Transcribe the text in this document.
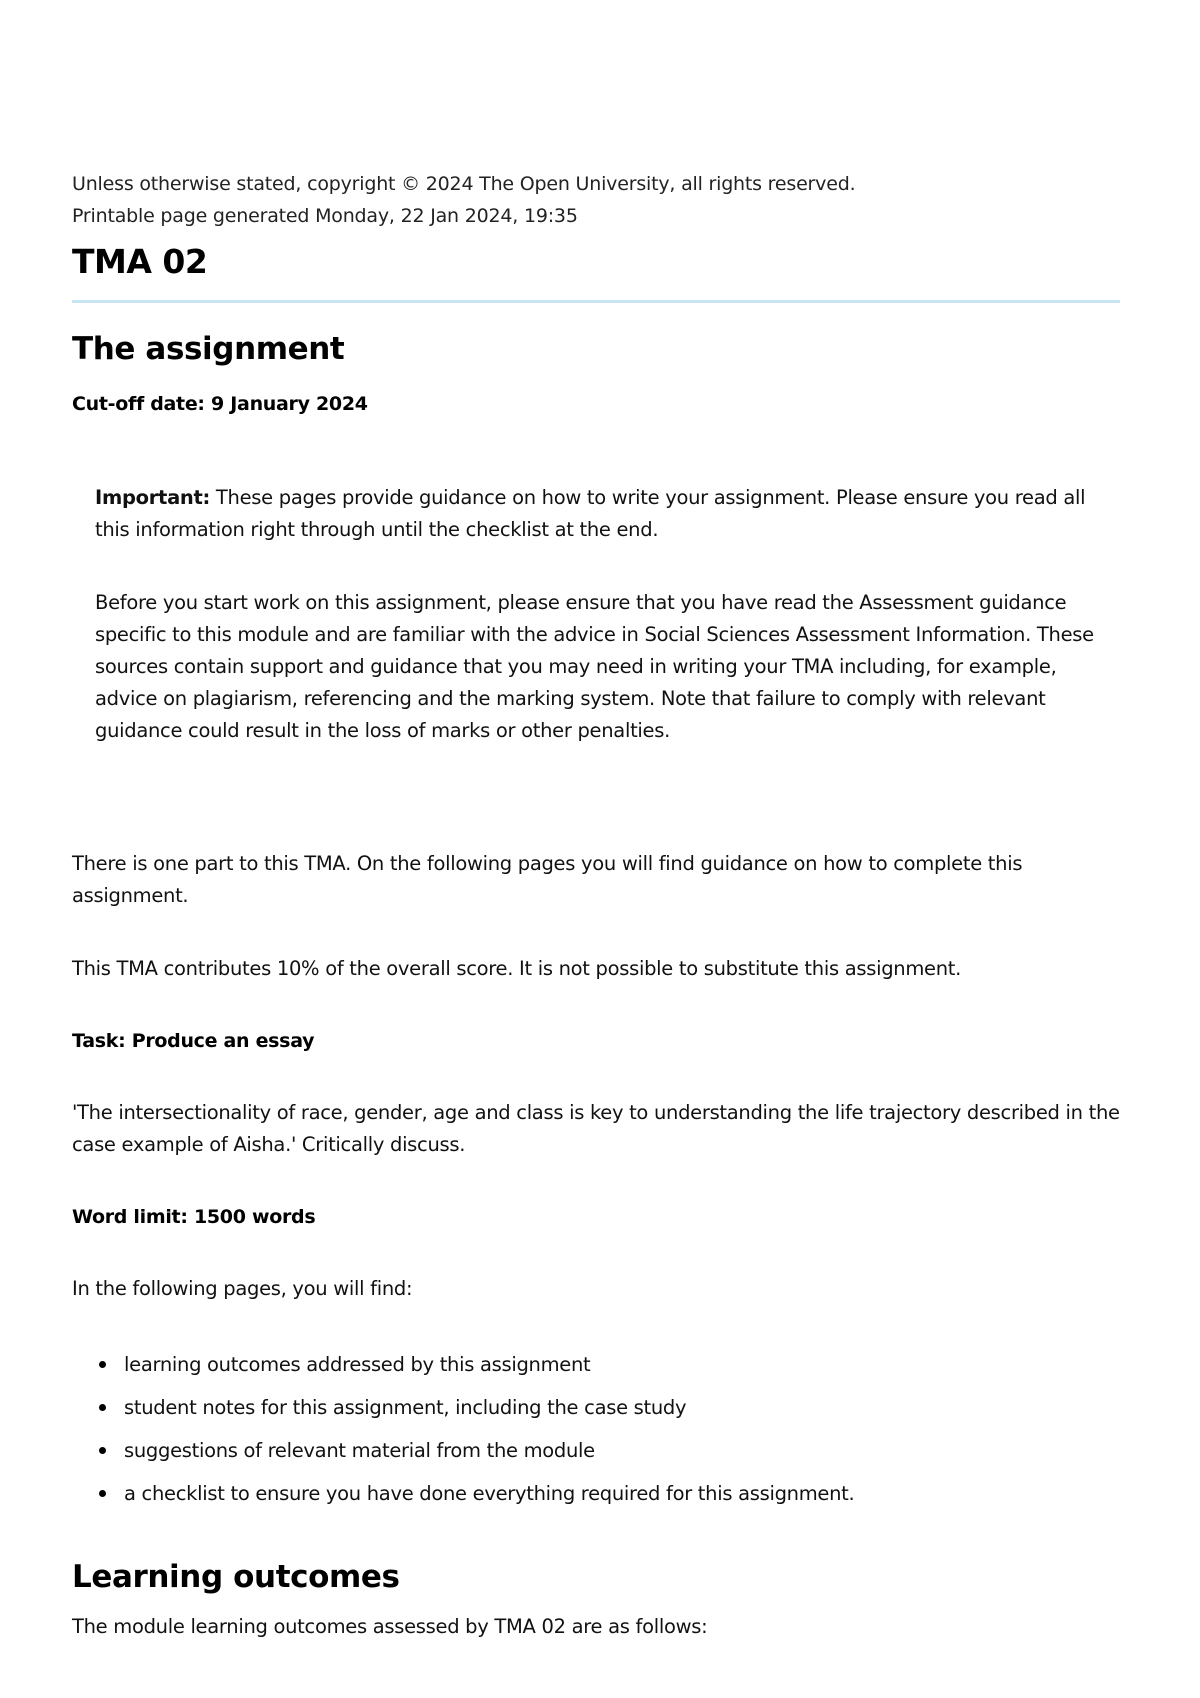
Unless otherwise stated, copyright © 2024 The Open University, all rights reserved.

Printable page generated Monday, 22 Jan 2024, 19:35

TMA 02
The assignment

Cut-off date: 9 January 2024

Important: These pages provide guidance on how to write your assignment. Please ensure you read all this information right through until the checklist at the end.

Before you start work on this assignment, please ensure that you have read the Assessment guidance specific to this module and are familiar with the advice in Social Sciences Assessment Information. These sources contain support and guidance that you may need in writing your TMA including, for example, advice on plagiarism, referencing and the marking system. Note that failure to comply with relevant guidance could result in the loss of marks or other penalties.

There is one part to this TMA. On the following pages you will find guidance on how to complete this assignment.

This TMA contributes 10% of the overall score. It is not possible to substitute this assignment.

Task: Produce an essay

'The intersectionality of race, gender, age and class is key to understanding the life trajectory described in the case example of Aisha.' Critically discuss.

Word limit: 1500 words

In the following pages, you will find:

learning outcomes addressed by this assignment
student notes for this assignment, including the case study
suggestions of relevant material from the module
a checklist to ensure you have done everything required for this assignment.
Learning outcomes

The module learning outcomes assessed by TMA 02 are as follows:
